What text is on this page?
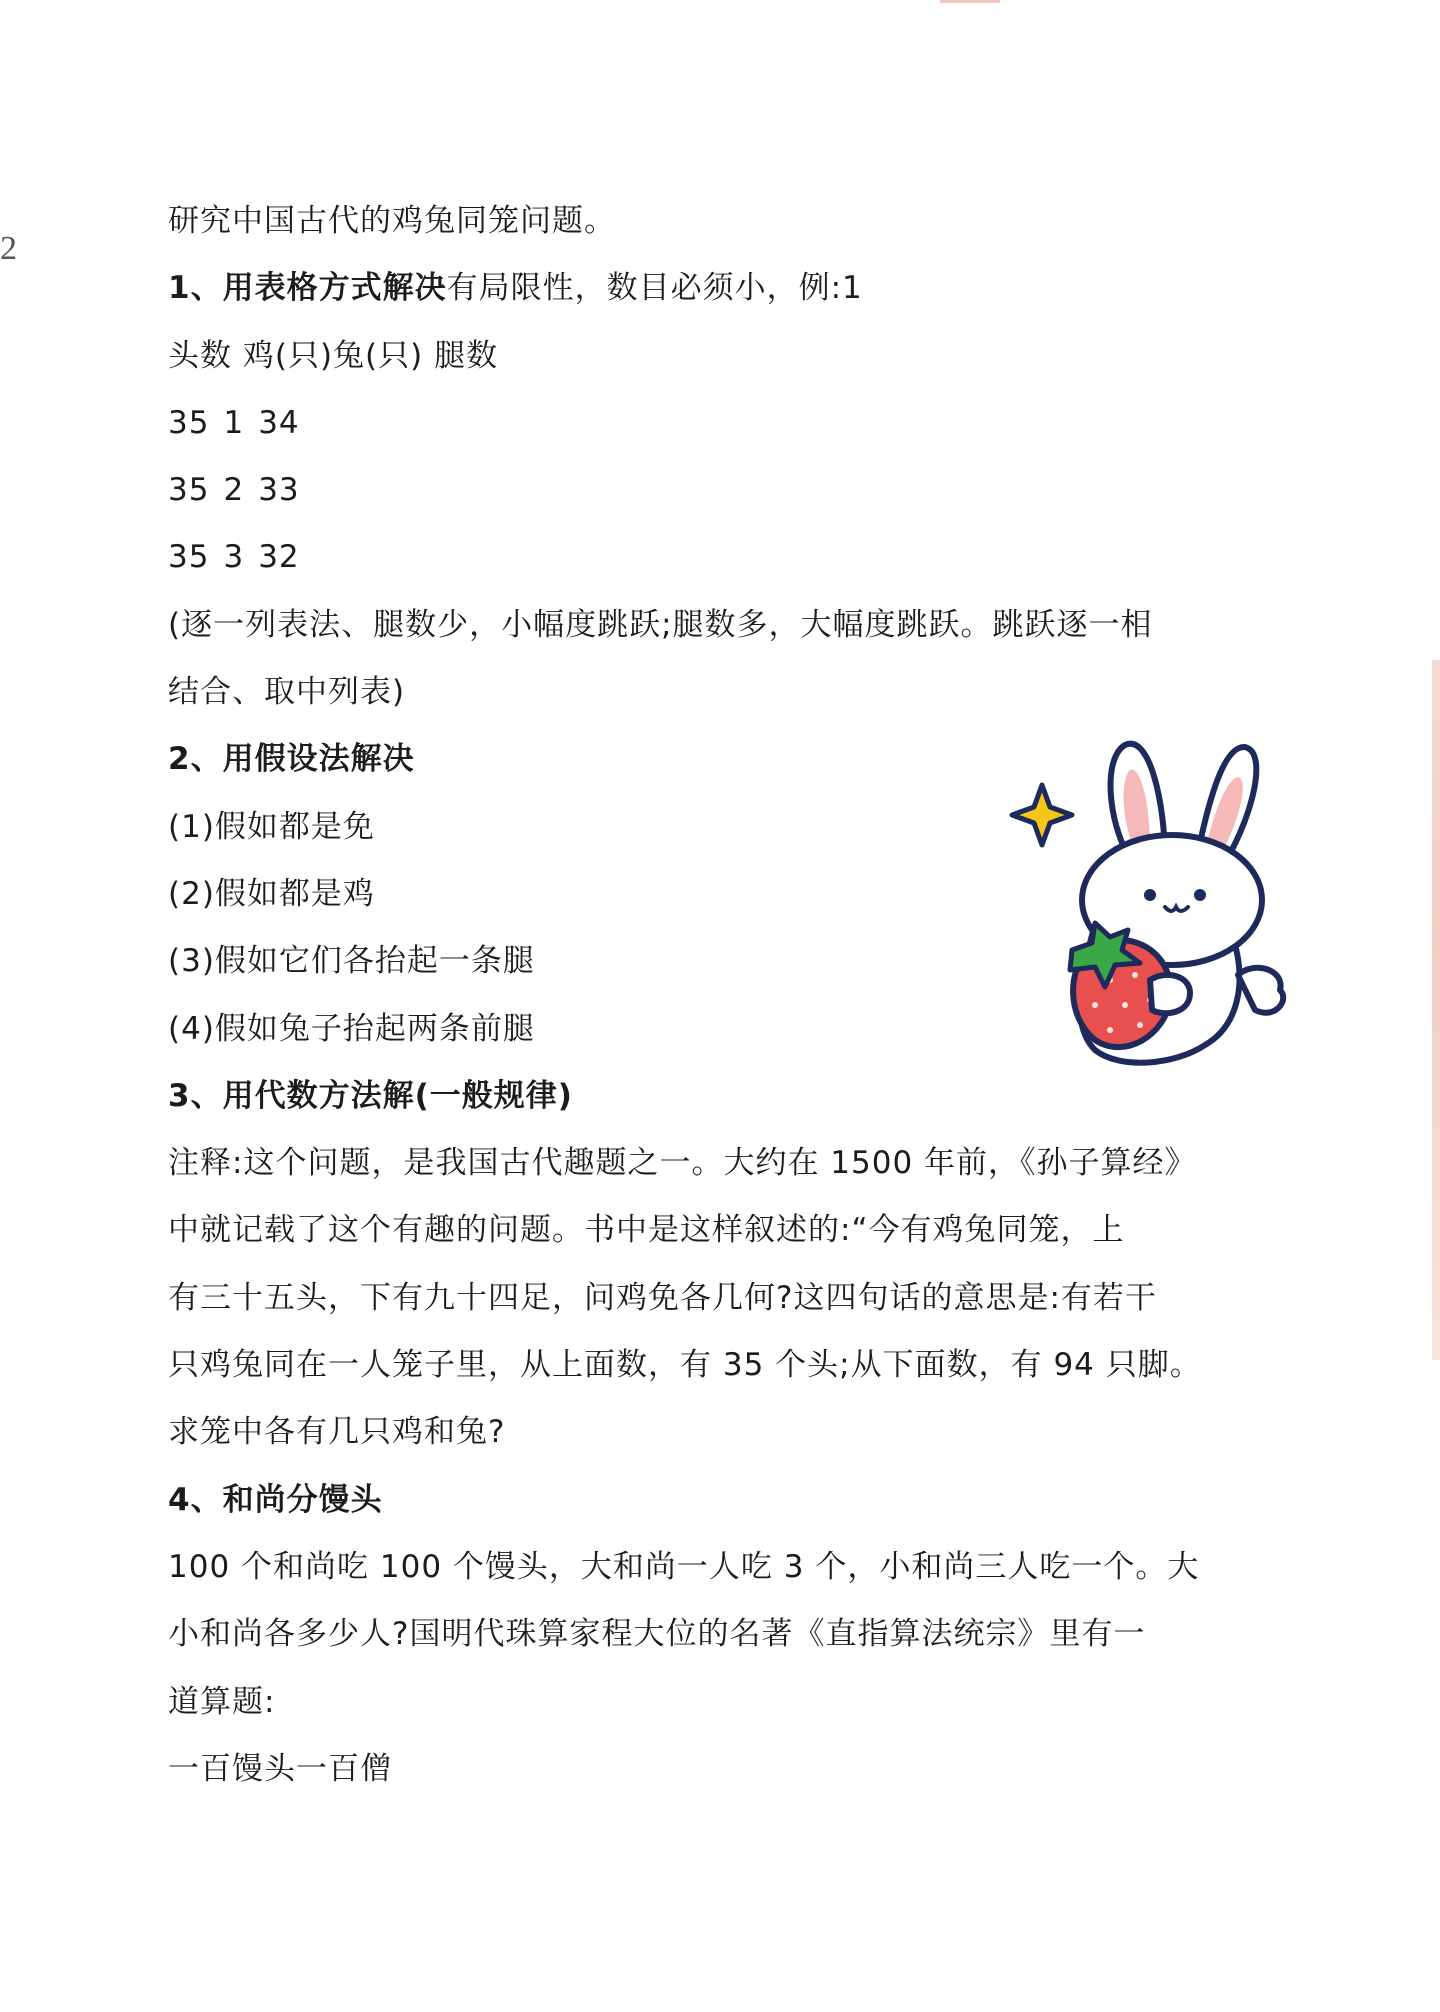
2
研究中国古代的鸡兔同笼问题。
1、用表格方式解决有局限性，数目必须小，例:1
头数 鸡(只)兔(只) 腿数
35 1 34
35 2 33
35 3 32
(逐一列表法、腿数少，小幅度跳跃;腿数多，大幅度跳跃。跳跃逐一相
结合、取中列表)
2、用假设法解决
(1)假如都是免
(2)假如都是鸡
(3)假如它们各抬起一条腿
(4)假如兔子抬起两条前腿
3、用代数方法解(一般规律)
注释:这个问题，是我国古代趣题之一。大约在 1500 年前，《孙子算经》
中就记载了这个有趣的问题。书中是这样叙述的:“今有鸡兔同笼，上
有三十五头，下有九十四足，问鸡免各几何?这四句话的意思是:有若干
只鸡兔同在一人笼子里，从上面数，有 35 个头;从下面数，有 94 只脚。
求笼中各有几只鸡和兔?
4、和尚分馒头
100 个和尚吃 100 个馒头，大和尚一人吃 3 个，小和尚三人吃一个。大
小和尚各多少人?国明代珠算家程大位的名著《直指算法统宗》里有一
道算题:
一百馒头一百僧
